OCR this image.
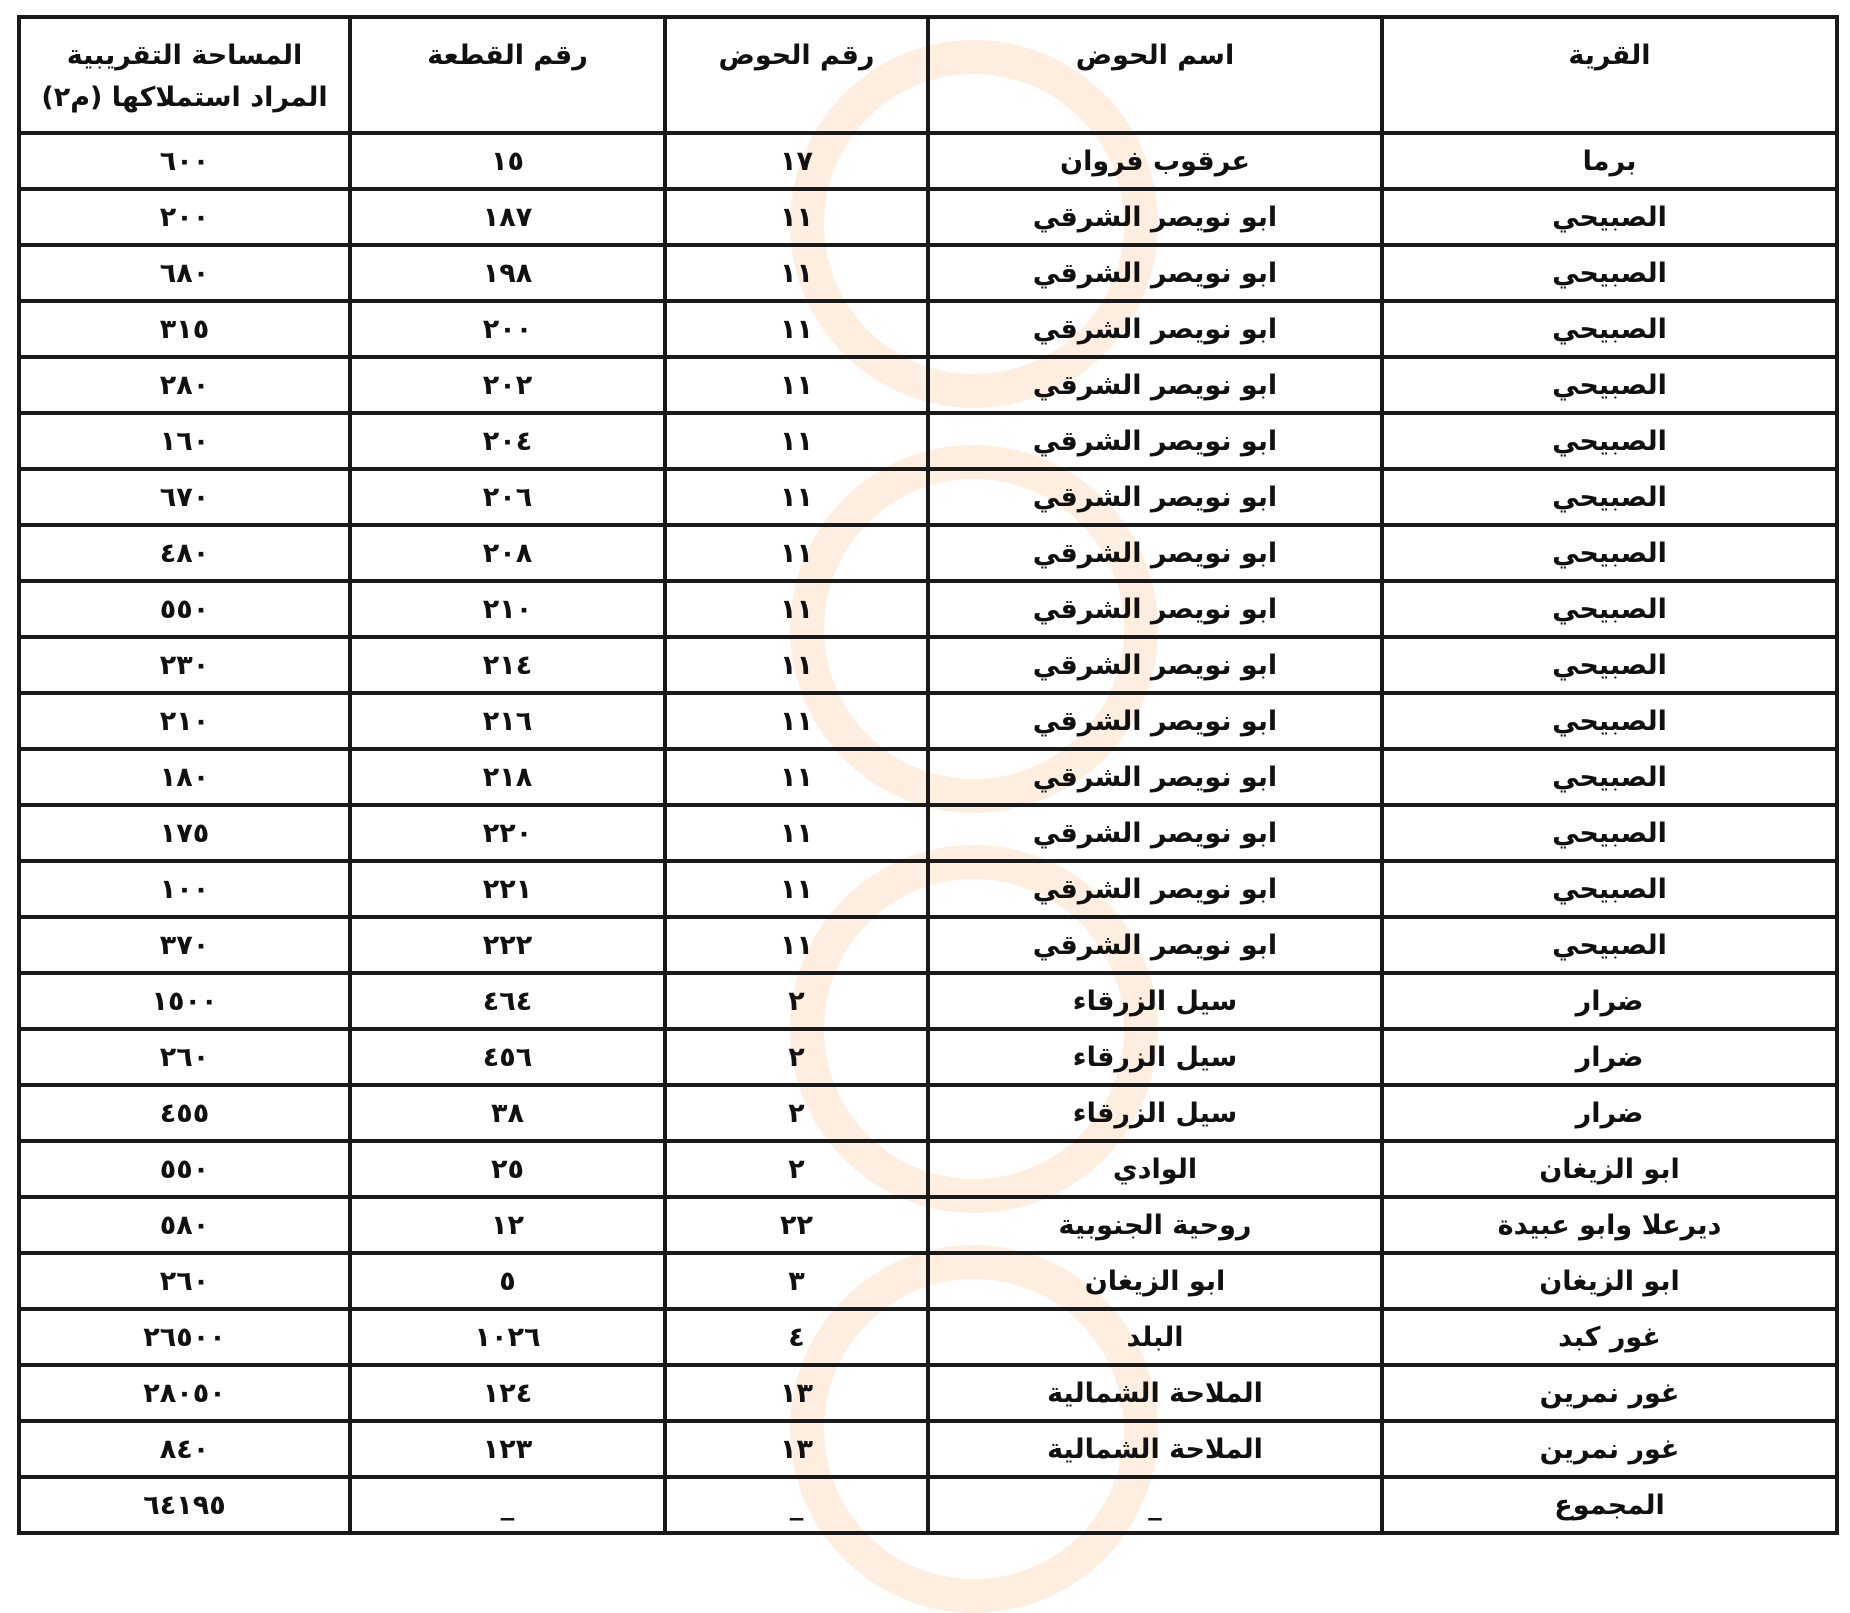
القرية	اسم الحوض	رقم الحوض	رقم القطعة	المساحة التقريبية المراد استملاكها (م٢)
برما	عرقوب فروان	١٧	١٥	٦٠٠
الصبيحي	ابو نويصر الشرقي	١١	١٨٧	٢٠٠
الصبيحي	ابو نويصر الشرقي	١١	١٩٨	٦٨٠
الصبيحي	ابو نويصر الشرقي	١١	٢٠٠	٣١٥
الصبيحي	ابو نويصر الشرقي	١١	٢٠٢	٢٨٠
الصبيحي	ابو نويصر الشرقي	١١	٢٠٤	١٦٠
الصبيحي	ابو نويصر الشرقي	١١	٢٠٦	٦٧٠
الصبيحي	ابو نويصر الشرقي	١١	٢٠٨	٤٨٠
الصبيحي	ابو نويصر الشرقي	١١	٢١٠	٥٥٠
الصبيحي	ابو نويصر الشرقي	١١	٢١٤	٢٣٠
الصبيحي	ابو نويصر الشرقي	١١	٢١٦	٢١٠
الصبيحي	ابو نويصر الشرقي	١١	٢١٨	١٨٠
الصبيحي	ابو نويصر الشرقي	١١	٢٢٠	١٧٥
الصبيحي	ابو نويصر الشرقي	١١	٢٢١	١٠٠
الصبيحي	ابو نويصر الشرقي	١١	٢٢٢	٣٧٠
ضرار	سيل الزرقاء	٢	٤٦٤	١٥٠٠
ضرار	سيل الزرقاء	٢	٤٥٦	٢٦٠
ضرار	سيل الزرقاء	٢	٣٨	٤٥٥
ابو الزيغان	الوادي	٢	٢٥	٥٥٠
ديرعلا وابو عبيدة	روحية الجنوبية	٢٢	١٢	٥٨٠
ابو الزيغان	ابو الزيغان	٣	٥	٢٦٠
غور كبد	البلد	٤	١٠٢٦	٢٦٥٠٠
غور نمرين	الملاحة الشمالية	١٣	١٢٤	٢٨٠٥٠
غور نمرين	الملاحة الشمالية	١٣	١٢٣	٨٤٠
المجموع	_	_	_	٦٤١٩٥
